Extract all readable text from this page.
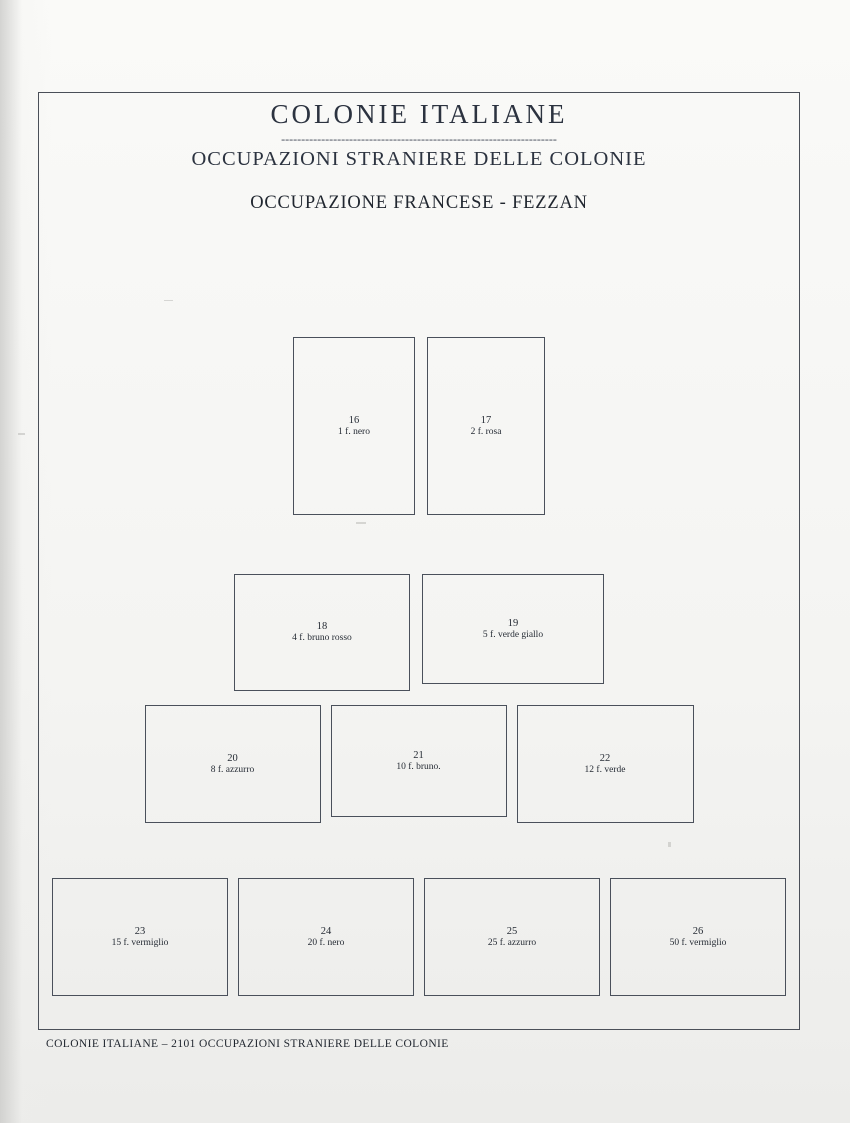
COLONIE ITALIANE
---------------------------------------------------------------------
OCCUPAZIONI STRANIERE DELLE COLONIE
OCCUPAZIONE FRANCESE - FEZZAN
16
1 f. nero
17
2 f. rosa
18
4 f. bruno rosso
19
5 f. verde giallo
20
8 f. azzurro
21
10 f. bruno.
22
12 f. verde
23
15 f. vermiglio
24
20 f. nero
25
25 f. azzurro
26
50 f. vermiglio
COLONIE ITALIANE – 2101 OCCUPAZIONI STRANIERE DELLE COLONIE
